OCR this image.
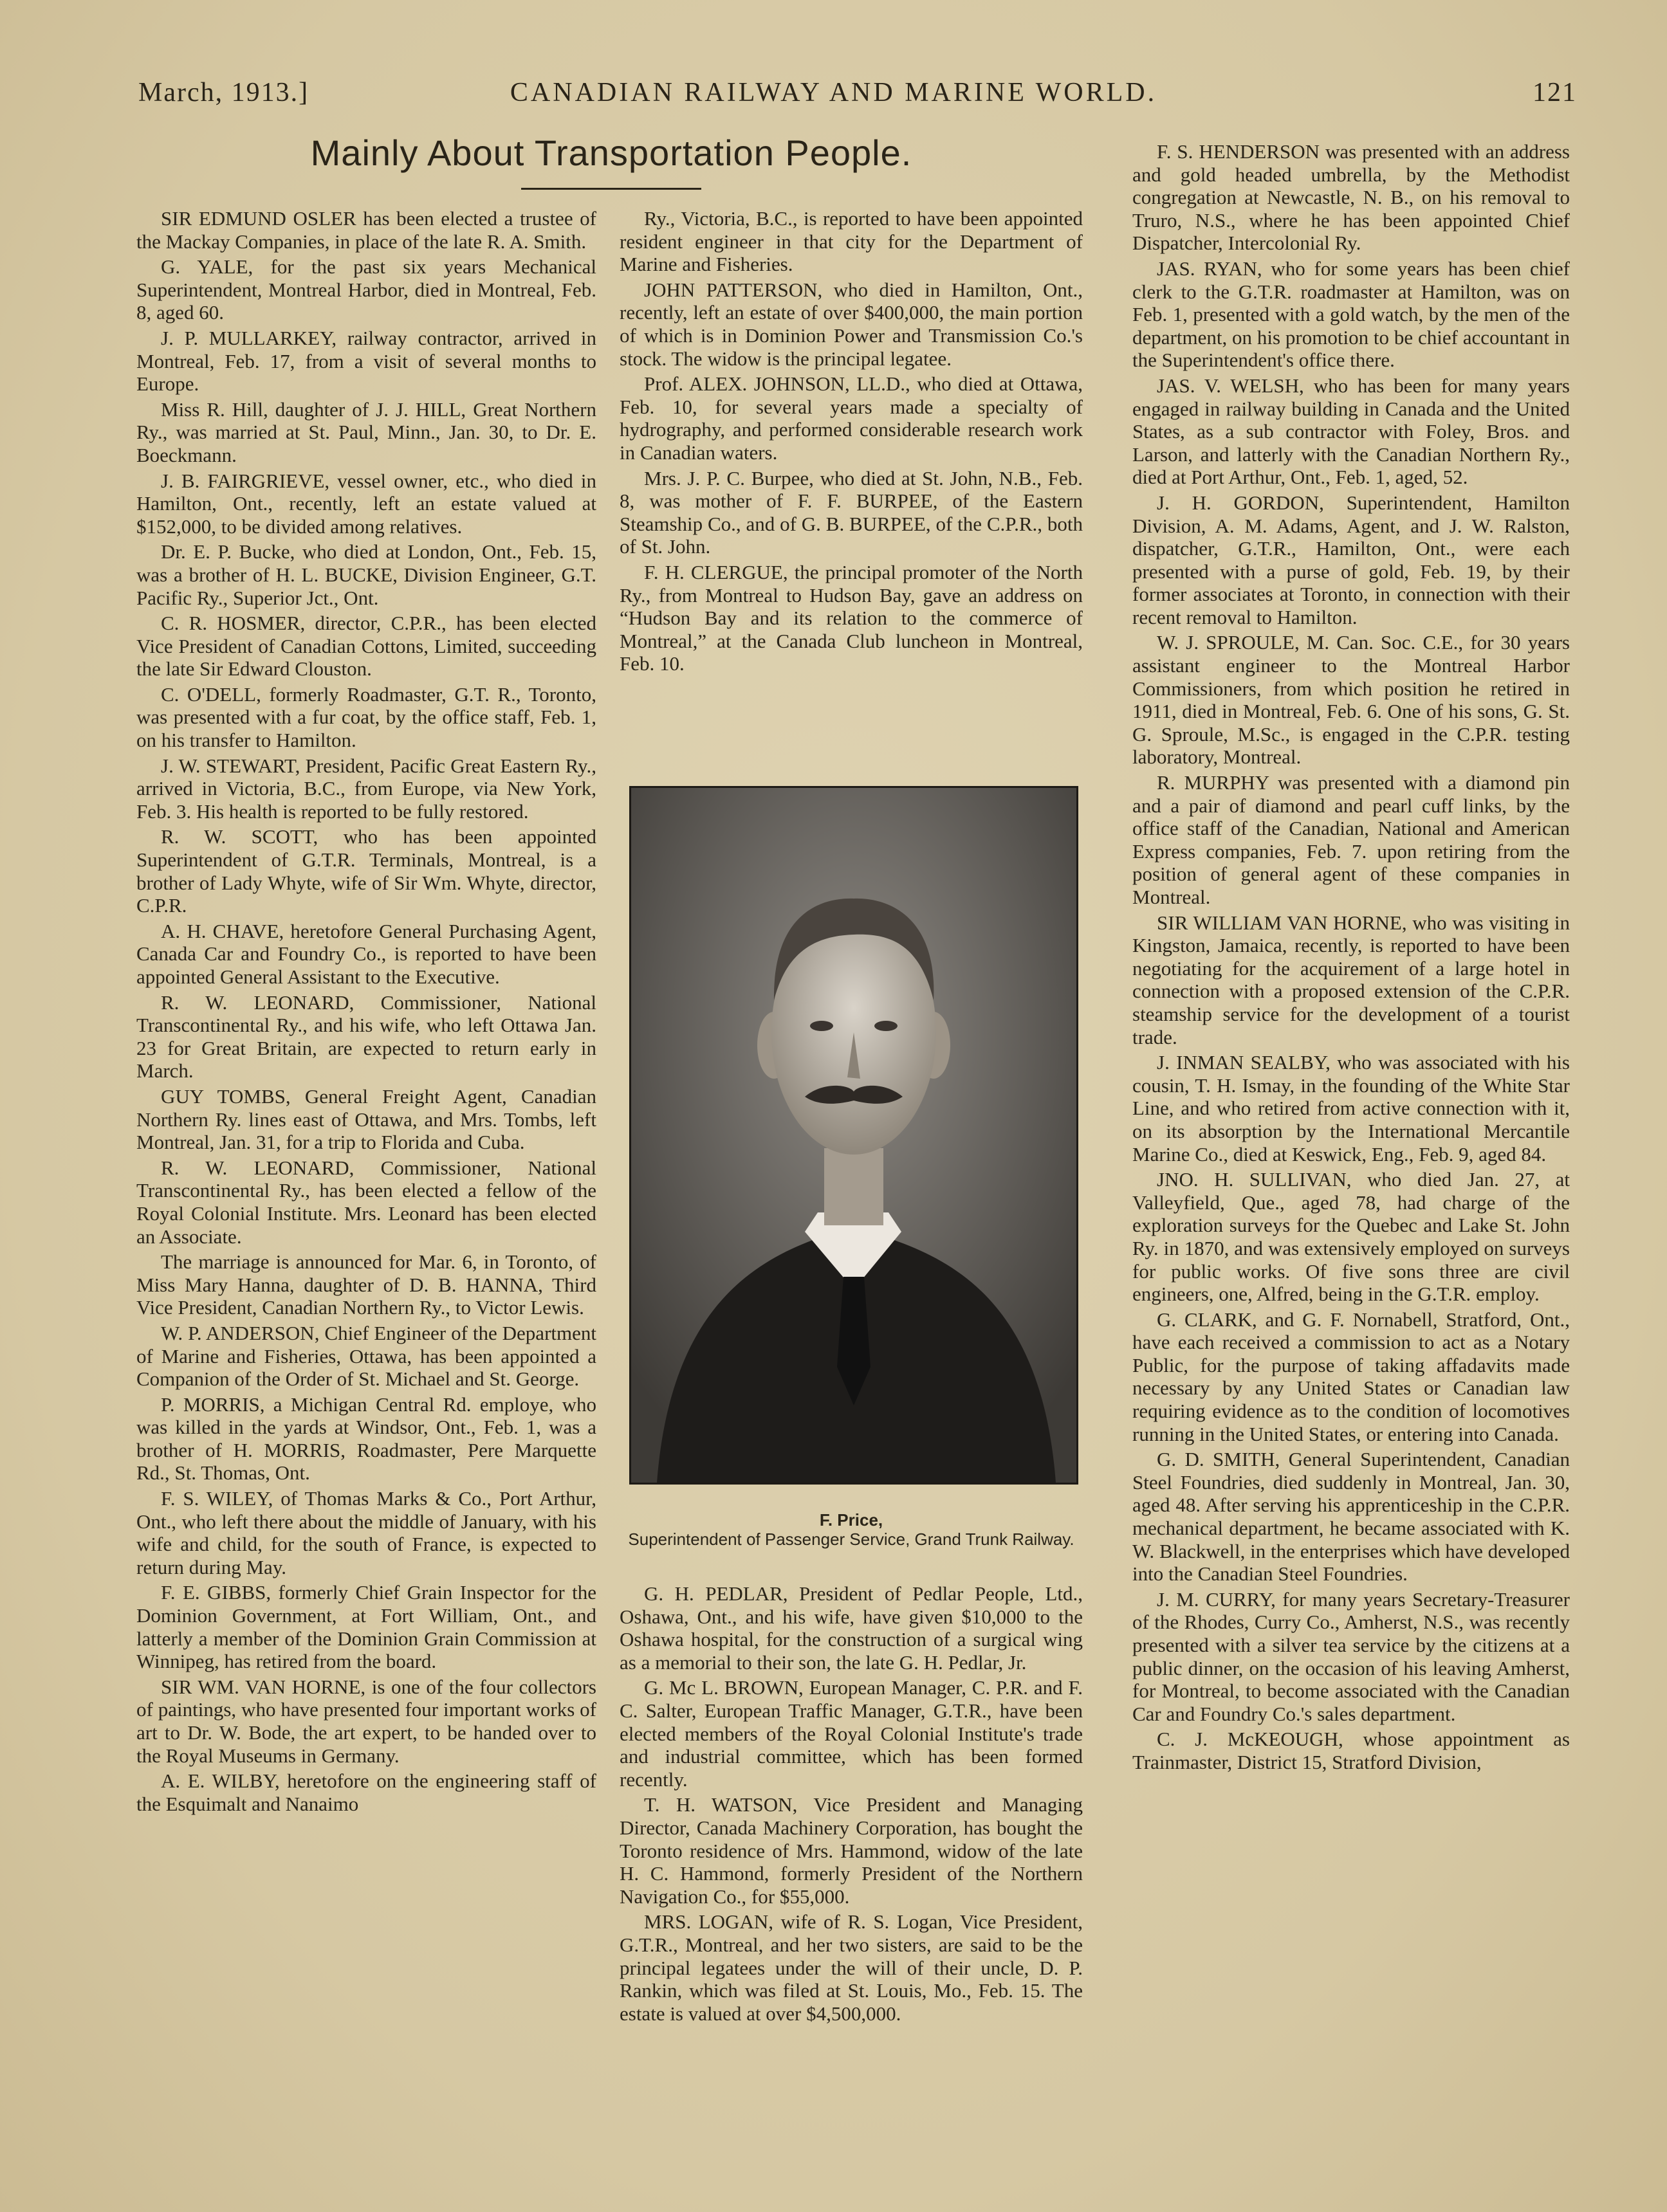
March, 1913.]	CANADIAN RAILWAY AND MARINE WORLD.	121
Mainly About Transportation People.

SIR EDMUND OSLER has been elected a trustee of the Mackay Companies, in place of the late R. A. Smith.

G. YALE, for the past six years Mechanical Superintendent, Montreal Harbor, died in Montreal, Feb. 8, aged 60.

J. P. MULLARKEY, railway contractor, arrived in Montreal, Feb. 17, from a visit of several months to Europe.

Miss R. Hill, daughter of J. J. HILL, Great Northern Ry., was married at St. Paul, Minn., Jan. 30, to Dr. E. Boeckmann.

J. B. FAIRGRIEVE, vessel owner, etc., who died in Hamilton, Ont., recently, left an estate valued at $152,000, to be divided among relatives.

Dr. E. P. Bucke, who died at London, Ont., Feb. 15, was a brother of H. L. BUCKE, Division Engineer, G.T. Pacific Ry., Superior Jct., Ont.

C. R. HOSMER, director, C.P.R., has been elected Vice President of Canadian Cottons, Limited, succeeding the late Sir Edward Clouston.

C. O'DELL, formerly Roadmaster, G.T. R., Toronto, was presented with a fur coat, by the office staff, Feb. 1, on his transfer to Hamilton.

J. W. STEWART, President, Pacific Great Eastern Ry., arrived in Victoria, B.C., from Europe, via New York, Feb. 3. His health is reported to be fully restored.

R. W. SCOTT, who has been appointed Superintendent of G.T.R. Terminals, Montreal, is a brother of Lady Whyte, wife of Sir Wm. Whyte, director, C.P.R.

A. H. CHAVE, heretofore General Purchasing Agent, Canada Car and Foundry Co., is reported to have been appointed General Assistant to the Executive.

R. W. LEONARD, Commissioner, National Transcontinental Ry., and his wife, who left Ottawa Jan. 23 for Great Britain, are expected to return early in March.

GUY TOMBS, General Freight Agent, Canadian Northern Ry. lines east of Ottawa, and Mrs. Tombs, left Montreal, Jan. 31, for a trip to Florida and Cuba.

R. W. LEONARD, Commissioner, National Transcontinental Ry., has been elected a fellow of the Royal Colonial Institute. Mrs. Leonard has been elected an Associate.

The marriage is announced for Mar. 6, in Toronto, of Miss Mary Hanna, daughter of D. B. HANNA, Third Vice President, Canadian Northern Ry., to Victor Lewis.

W. P. ANDERSON, Chief Engineer of the Department of Marine and Fisheries, Ottawa, has been appointed a Companion of the Order of St. Michael and St. George.

P. MORRIS, a Michigan Central Rd. employe, who was killed in the yards at Windsor, Ont., Feb. 1, was a brother of H. MORRIS, Roadmaster, Pere Marquette Rd., St. Thomas, Ont.

F. S. WILEY, of Thomas Marks & Co., Port Arthur, Ont., who left there about the middle of January, with his wife and child, for the south of France, is expected to return during May.

F. E. GIBBS, formerly Chief Grain Inspector for the Dominion Government, at Fort William, Ont., and latterly a member of the Dominion Grain Commission at Winnipeg, has retired from the board.

SIR WM. VAN HORNE, is one of the four collectors of paintings, who have presented four important works of art to Dr. W. Bode, the art expert, to be handed over to the Royal Museums in Germany.

A. E. WILBY, heretofore on the engineering staff of the Esquimalt and Nanaimo

Ry., Victoria, B.C., is reported to have been appointed resident engineer in that city for the Department of Marine and Fisheries.

JOHN PATTERSON, who died in Hamilton, Ont., recently, left an estate of over $400,000, the main portion of which is in Dominion Power and Transmission Co.'s stock. The widow is the principal legatee.

Prof. ALEX. JOHNSON, LL.D., who died at Ottawa, Feb. 10, for several years made a specialty of hydrography, and performed considerable research work in Canadian waters.

Mrs. J. P. C. Burpee, who died at St. John, N.B., Feb. 8, was mother of F. F. BURPEE, of the Eastern Steamship Co., and of G. B. BURPEE, of the C.P.R., both of St. John.

F. H. CLERGUE, the principal promoter of the North Ry., from Montreal to Hudson Bay, gave an address on “Hudson Bay and its relation to the commerce of Montreal,” at the Canada Club luncheon in Montreal, Feb. 10.

F. Price,
Superintendent of Passenger Service, Grand Trunk Railway.

G. H. PEDLAR, President of Pedlar People, Ltd., Oshawa, Ont., and his wife, have given $10,000 to the Oshawa hospital, for the construction of a surgical wing as a memorial to their son, the late G. H. Pedlar, Jr.

G. Mc L. BROWN, European Manager, C. P.R. and F. C. Salter, European Traffic Manager, G.T.R., have been elected members of the Royal Colonial Institute's trade and industrial committee, which has been formed recently.

T. H. WATSON, Vice President and Managing Director, Canada Machinery Corporation, has bought the Toronto residence of Mrs. Hammond, widow of the late H. C. Hammond, formerly President of the Northern Navigation Co., for $55,000.

MRS. LOGAN, wife of R. S. Logan, Vice President, G.T.R., Montreal, and her two sisters, are said to be the principal legatees under the will of their uncle, D. P. Rankin, which was filed at St. Louis, Mo., Feb. 15. The estate is valued at over $4,500,000.

F. S. HENDERSON was presented with an address and gold headed umbrella, by the Methodist congregation at Newcastle, N. B., on his removal to Truro, N.S., where he has been appointed Chief Dispatcher, Intercolonial Ry.

JAS. RYAN, who for some years has been chief clerk to the G.T.R. roadmaster at Hamilton, was on Feb. 1, presented with a gold watch, by the men of the department, on his promotion to be chief accountant in the Superintendent's office there.

JAS. V. WELSH, who has been for many years engaged in railway building in Canada and the United States, as a sub contractor with Foley, Bros. and Larson, and latterly with the Canadian Northern Ry., died at Port Arthur, Ont., Feb. 1, aged, 52.

J. H. GORDON, Superintendent, Hamilton Division, A. M. Adams, Agent, and J. W. Ralston, dispatcher, G.T.R., Hamilton, Ont., were each presented with a purse of gold, Feb. 19, by their former associates at Toronto, in connection with their recent removal to Hamilton.

W. J. SPROULE, M. Can. Soc. C.E., for 30 years assistant engineer to the Montreal Harbor Commissioners, from which position he retired in 1911, died in Montreal, Feb. 6. One of his sons, G. St. G. Sproule, M.Sc., is engaged in the C.P.R. testing laboratory, Montreal.

R. MURPHY was presented with a diamond pin and a pair of diamond and pearl cuff links, by the office staff of the Canadian, National and American Express companies, Feb. 7. upon retiring from the position of general agent of these companies in Montreal.

SIR WILLIAM VAN HORNE, who was visiting in Kingston, Jamaica, recently, is reported to have been negotiating for the acquirement of a large hotel in connection with a proposed extension of the C.P.R. steamship service for the development of a tourist trade.

J. INMAN SEALBY, who was associated with his cousin, T. H. Ismay, in the founding of the White Star Line, and who retired from active connection with it, on its absorption by the International Mercantile Marine Co., died at Keswick, Eng., Feb. 9, aged 84.

JNO. H. SULLIVAN, who died Jan. 27, at Valleyfield, Que., aged 78, had charge of the exploration surveys for the Quebec and Lake St. John Ry. in 1870, and was extensively employed on surveys for public works. Of five sons three are civil engineers, one, Alfred, being in the G.T.R. employ.

G. CLARK, and G. F. Nornabell, Stratford, Ont., have each received a commission to act as a Notary Public, for the purpose of taking affadavits made necessary by any United States or Canadian law requiring evidence as to the condition of locomotives running in the United States, or entering into Canada.

G. D. SMITH, General Superintendent, Canadian Steel Foundries, died suddenly in Montreal, Jan. 30, aged 48. After serving his apprenticeship in the C.P.R. mechanical department, he became associated with K. W. Blackwell, in the enterprises which have developed into the Canadian Steel Foundries.

J. M. CURRY, for many years Secretary-Treasurer of the Rhodes, Curry Co., Amherst, N.S., was recently presented with a silver tea service by the citizens at a public dinner, on the occasion of his leaving Amherst, for Montreal, to become associated with the Canadian Car and Foundry Co.'s sales department.

C. J. McKEOUGH, whose appointment as Trainmaster, District 15, Stratford Division,
